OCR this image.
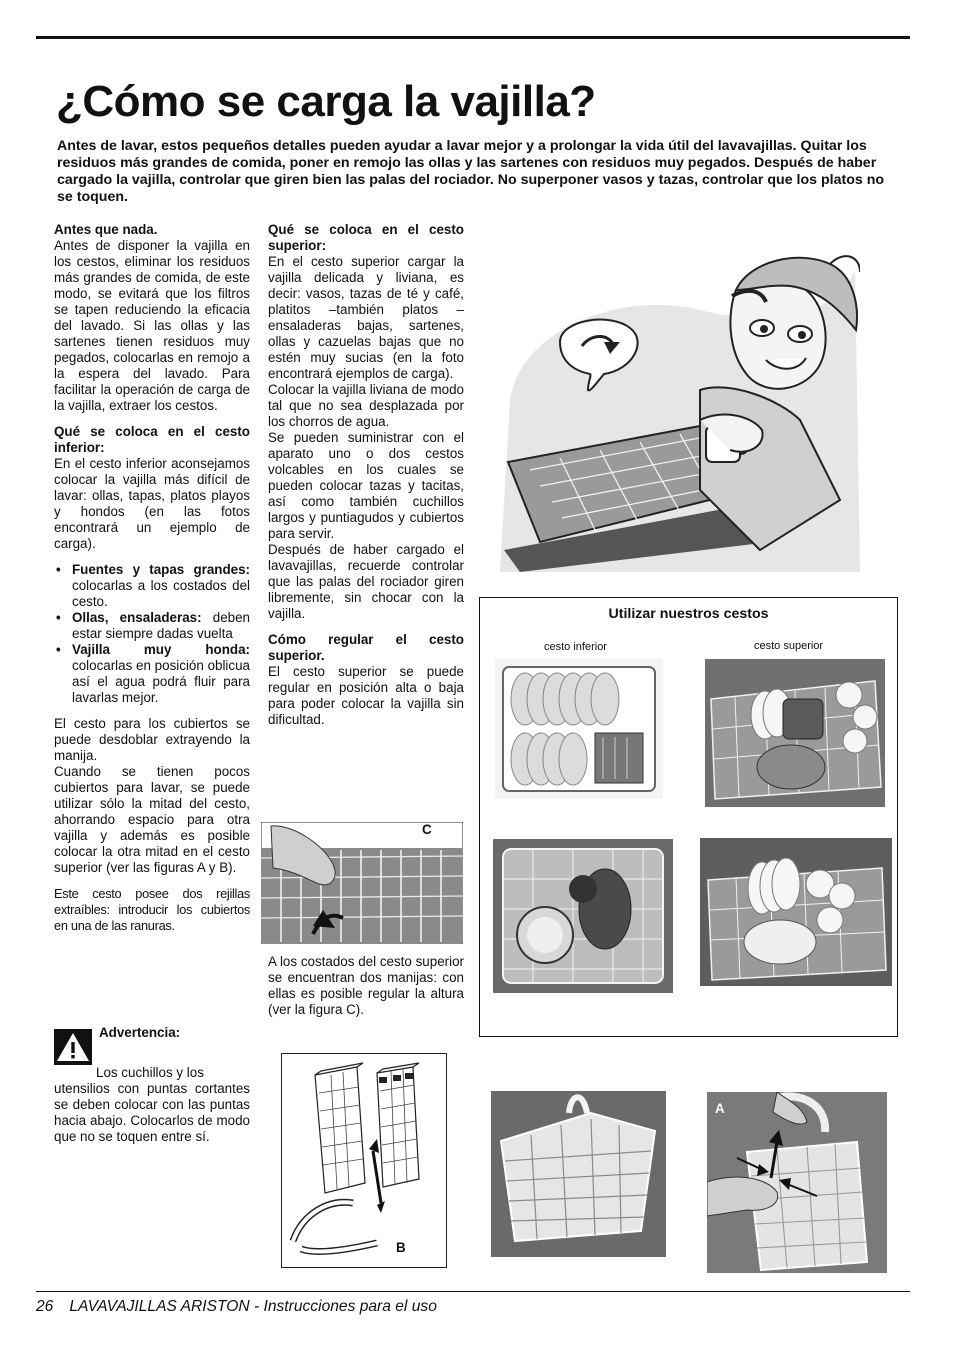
¿Cómo se carga la vajilla?

Antes de lavar, estos pequeños detalles pueden ayudar a lavar mejor y a prolongar la vida útil del lavavajillas. Quitar los residuos más grandes de comida, poner en remojo las ollas y las sartenes con residuos muy pegados. Después de haber cargado la vajilla, controlar que giren bien las palas del rociador. No superponer vasos y tazas, controlar que los platos no se toquen.

Antes que nada.

Antes de disponer la vajilla en los cestos, eliminar los residuos más grandes de comida, de este modo, se evitará que los filtros se tapen reduciendo la eficacia del lavado. Si las ollas y las sartenes tienen residuos muy pegados, colocarlas en remojo a la espera del lavado. Para facilitar la operación de carga de la vajilla, extraer los cestos.

Qué se coloca en el cesto inferior:

En el cesto inferior aconsejamos colocar la vajilla más difícil de lavar: ollas, tapas, platos playos y hondos (en las fotos encontrará un ejemplo de carga).

• Fuentes y tapas grandes: colocarlas a los costados del cesto.
• Ollas, ensaladeras: deben estar siempre dadas vuelta
• Vajilla muy honda: colocarlas en posición oblicua así el agua podrá fluir para lavarlas mejor.

El cesto para los cubiertos se puede desdoblar extrayendo la manija.

Cuando se tienen pocos cubiertos para lavar, se puede utilizar sólo la mitad del cesto, ahorrando espacio para otra vajilla y además es posible colocar la otra mitad en el cesto superior (ver las figuras A y B).

Este cesto posee dos rejillas extraíbles: introducir los cubiertos en una de las ranuras.

Advertencia:

Los cuchillos y los
utensilios con puntas cortantes se deben colocar con las puntas hacia abajo. Colocarlos de modo que no se toquen entre sí.

Qué se coloca en el cesto superior:

En el cesto superior cargar la vajilla delicada y liviana, es decir: vasos, tazas de té y café, platitos –también platos –ensaladeras bajas, sartenes, ollas y cazuelas bajas que no estén muy sucias (en la foto encontrará ejemplos de carga).

Colocar la vajilla liviana de modo tal que no sea desplazada por los chorros de agua.

Se pueden suministrar con el aparato uno o dos cestos volcables en los cuales se pueden colocar tazas y tacitas, así como también cuchillos largos y puntiagudos y cubiertos para servir.

Después de haber cargado el lavavajillas, recuerde controlar que las palas del rociador giren libremente, sin chocar con la vajilla.

Cómo regular el cesto superior.

El cesto superior se puede regular en posición alta o baja para poder colocar la vajilla sin dificultad.

C

A los costados del cesto superior se encuentran dos manijas: con ellas es posible regular la altura (ver la figura C).

B
Utilizar nuestros cestos
cesto inferior	cesto superior
A
26 LAVAVAJILLAS ARISTON - Instrucciones para el uso
